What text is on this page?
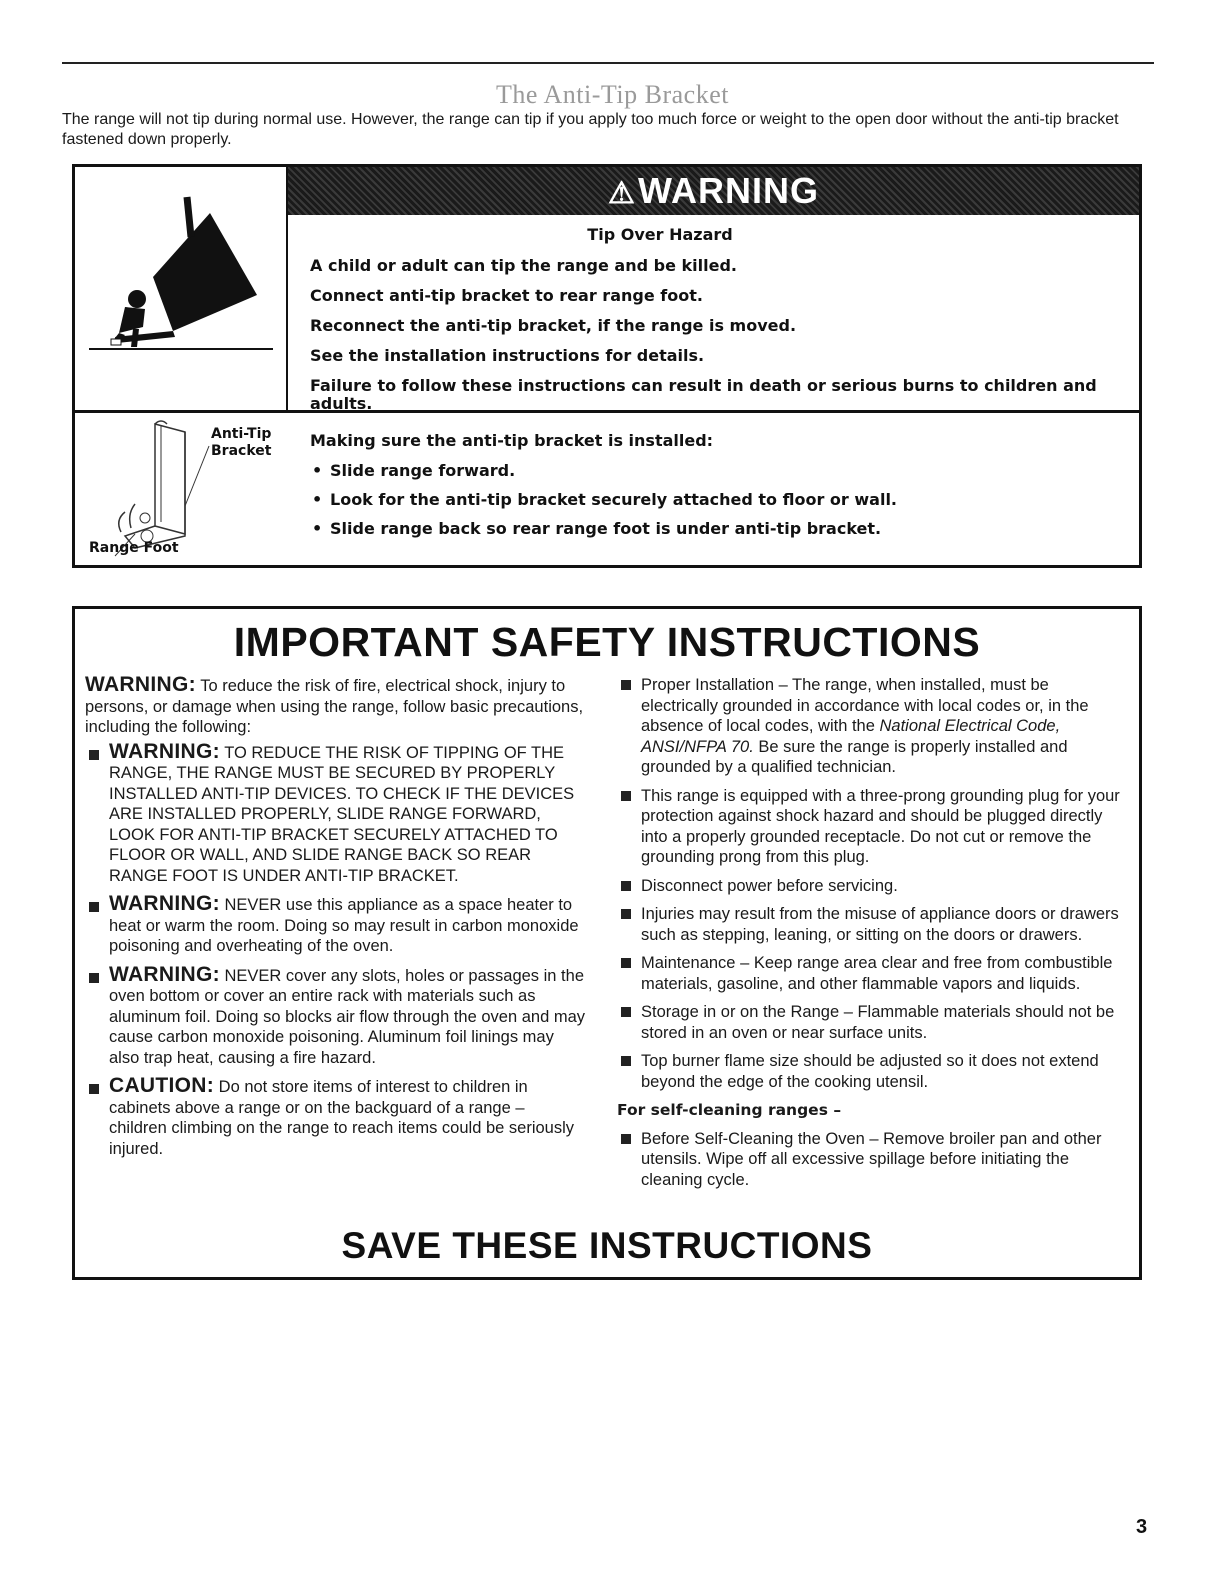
The Anti-Tip Bracket
The range will not tip during normal use. However, the range can tip if you apply too much force or weight to the open door without the anti-tip bracket fastened down properly.
⚠WARNING
Tip Over Hazard
A child or adult can tip the range and be killed.
Connect anti-tip bracket to rear range foot.
Reconnect the anti-tip bracket, if the range is moved.
See the installation instructions for details.
Failure to follow these instructions can result in death or serious burns to children and adults.
Anti-Tip
Bracket
Range Foot
Making sure the anti-tip bracket is installed:
• Slide range forward.
• Look for the anti-tip bracket securely attached to floor or wall.
• Slide range back so rear range foot is under anti-tip bracket.
IMPORTANT SAFETY INSTRUCTIONS
WARNING: To reduce the risk of fire, electrical shock, injury to persons, or damage when using the range, follow basic precautions, including the following:
WARNING: TO REDUCE THE RISK OF TIPPING OF THE RANGE, THE RANGE MUST BE SECURED BY PROPERLY INSTALLED ANTI-TIP DEVICES. TO CHECK IF THE DEVICES ARE INSTALLED PROPERLY, SLIDE RANGE FORWARD, LOOK FOR ANTI-TIP BRACKET SECURELY ATTACHED TO FLOOR OR WALL, AND SLIDE RANGE BACK SO REAR RANGE FOOT IS UNDER ANTI-TIP BRACKET.
WARNING: NEVER use this appliance as a space heater to heat or warm the room. Doing so may result in carbon monoxide poisoning and overheating of the oven.
WARNING: NEVER cover any slots, holes or passages in the oven bottom or cover an entire rack with materials such as aluminum foil. Doing so blocks air flow through the oven and may cause carbon monoxide poisoning. Aluminum foil linings may also trap heat, causing a fire hazard.
CAUTION: Do not store items of interest to children in cabinets above a range or on the backguard of a range – children climbing on the range to reach items could be seriously injured.
Proper Installation – The range, when installed, must be electrically grounded in accordance with local codes or, in the absence of local codes, with the National Electrical Code, ANSI/NFPA 70. Be sure the range is properly installed and grounded by a qualified technician.
This range is equipped with a three-prong grounding plug for your protection against shock hazard and should be plugged directly into a properly grounded receptacle. Do not cut or remove the grounding prong from this plug.
Disconnect power before servicing.
Injuries may result from the misuse of appliance doors or drawers such as stepping, leaning, or sitting on the doors or drawers.
Maintenance – Keep range area clear and free from combustible materials, gasoline, and other flammable vapors and liquids.
Storage in or on the Range – Flammable materials should not be stored in an oven or near surface units.
Top burner flame size should be adjusted so it does not extend beyond the edge of the cooking utensil.
For self-cleaning ranges –
Before Self-Cleaning the Oven – Remove broiler pan and other utensils. Wipe off all excessive spillage before initiating the cleaning cycle.
SAVE THESE INSTRUCTIONS
3
